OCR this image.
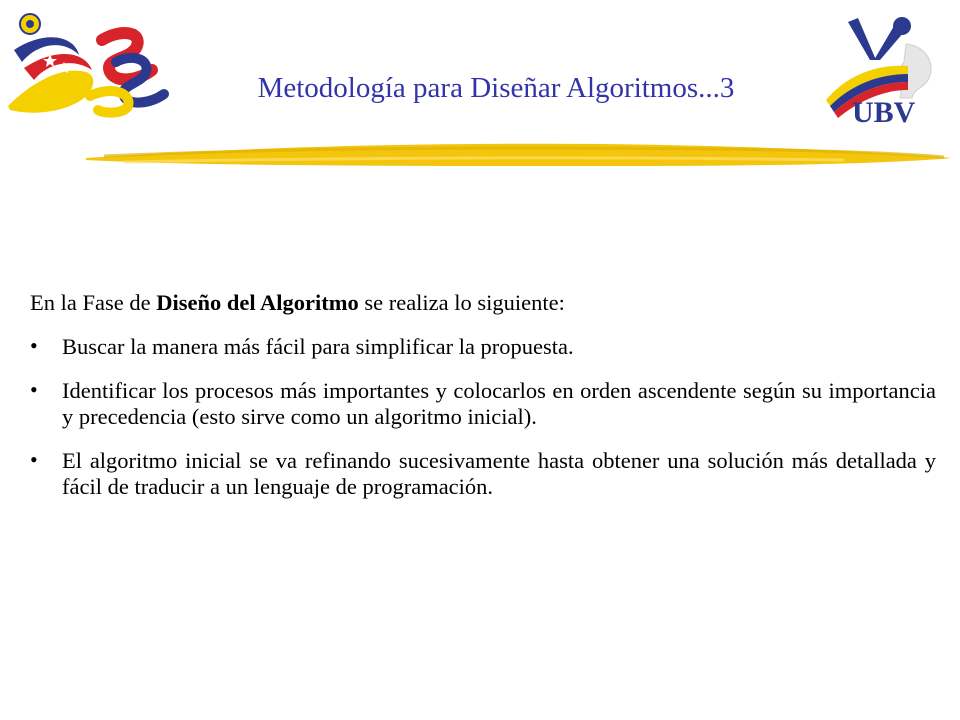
Metodología para Diseñar Algoritmos...3
UBV

En la Fase de Diseño del Algoritmo se realiza lo siguiente:

• Buscar la manera más fácil para simplificar la propuesta.
• Identificar los procesos más importantes y colocarlos en orden ascendente según su importancia y precedencia (esto sirve como un algoritmo inicial).
• El algoritmo inicial se va refinando sucesivamente hasta obtener una solución más detallada y fácil de traducir a un lenguaje de programación.
